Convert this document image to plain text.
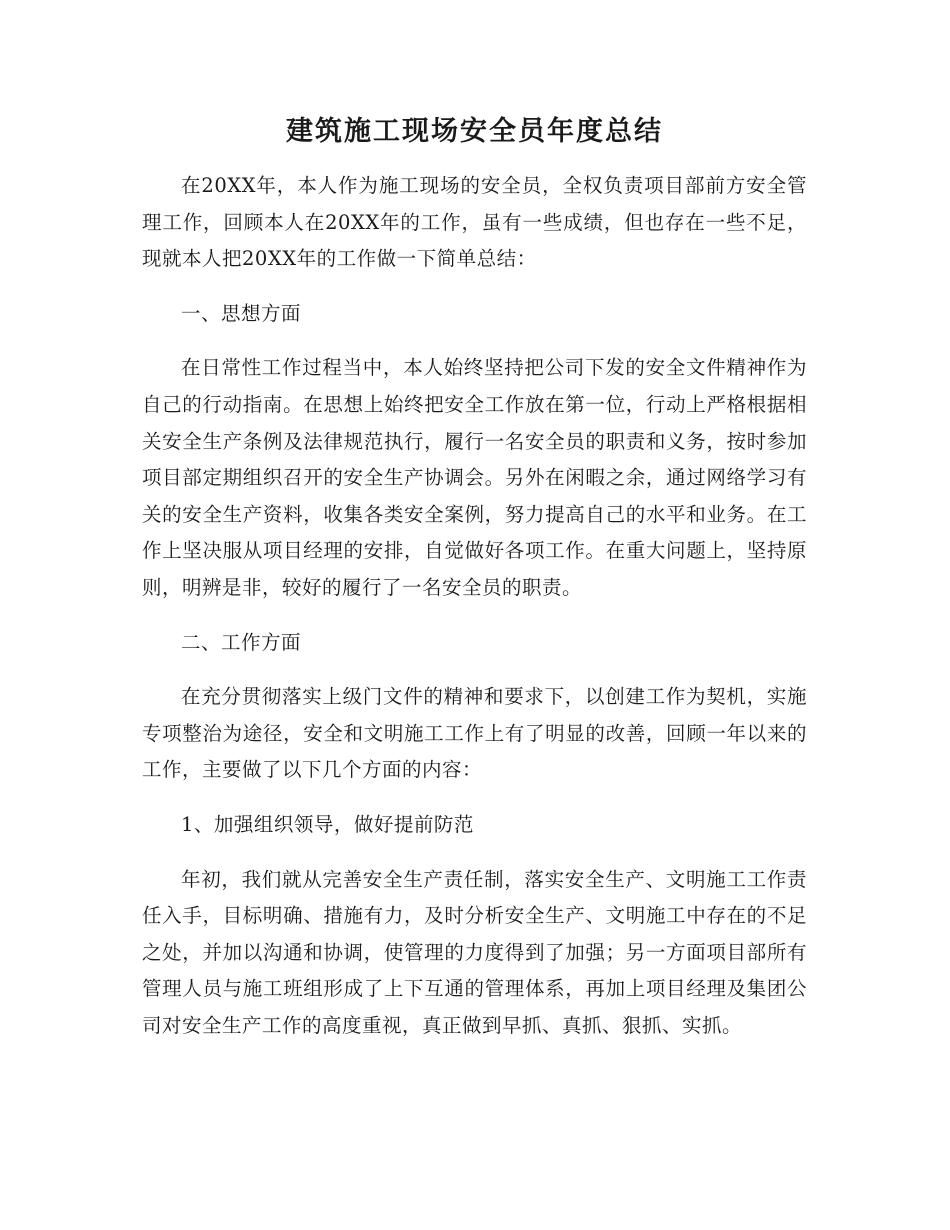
建筑施工现场安全员年度总结

在20XX年，本人作为施工现场的安全员，全权负责项目部前方安全管理工作，回顾本人在20XX年的工作，虽有一些成绩，但也存在一些不足，现就本人把20XX年的工作做一下简单总结：

一、思想方面

在日常性工作过程当中，本人始终坚持把公司下发的安全文件精神作为自己的行动指南。在思想上始终把安全工作放在第一位，行动上严格根据相关安全生产条例及法律规范执行，履行一名安全员的职责和义务，按时参加项目部定期组织召开的安全生产协调会。另外在闲暇之余，通过网络学习有关的安全生产资料，收集各类安全案例，努力提高自己的水平和业务。在工作上坚决服从项目经理的安排，自觉做好各项工作。在重大问题上，坚持原则，明辨是非，较好的履行了一名安全员的职责。

二、工作方面

在充分贯彻落实上级门文件的精神和要求下，以创建工作为契机，实施专项整治为途径，安全和文明施工工作上有了明显的改善，回顾一年以来的工作，主要做了以下几个方面的内容：

1、加强组织领导，做好提前防范

年初，我们就从完善安全生产责任制，落实安全生产、文明施工工作责任入手，目标明确、措施有力，及时分析安全生产、文明施工中存在的不足之处，并加以沟通和协调，使管理的力度得到了加强；另一方面项目部所有管理人员与施工班组形成了上下互通的管理体系，再加上项目经理及集团公司对安全生产工作的高度重视，真正做到早抓、真抓、狠抓、实抓。
